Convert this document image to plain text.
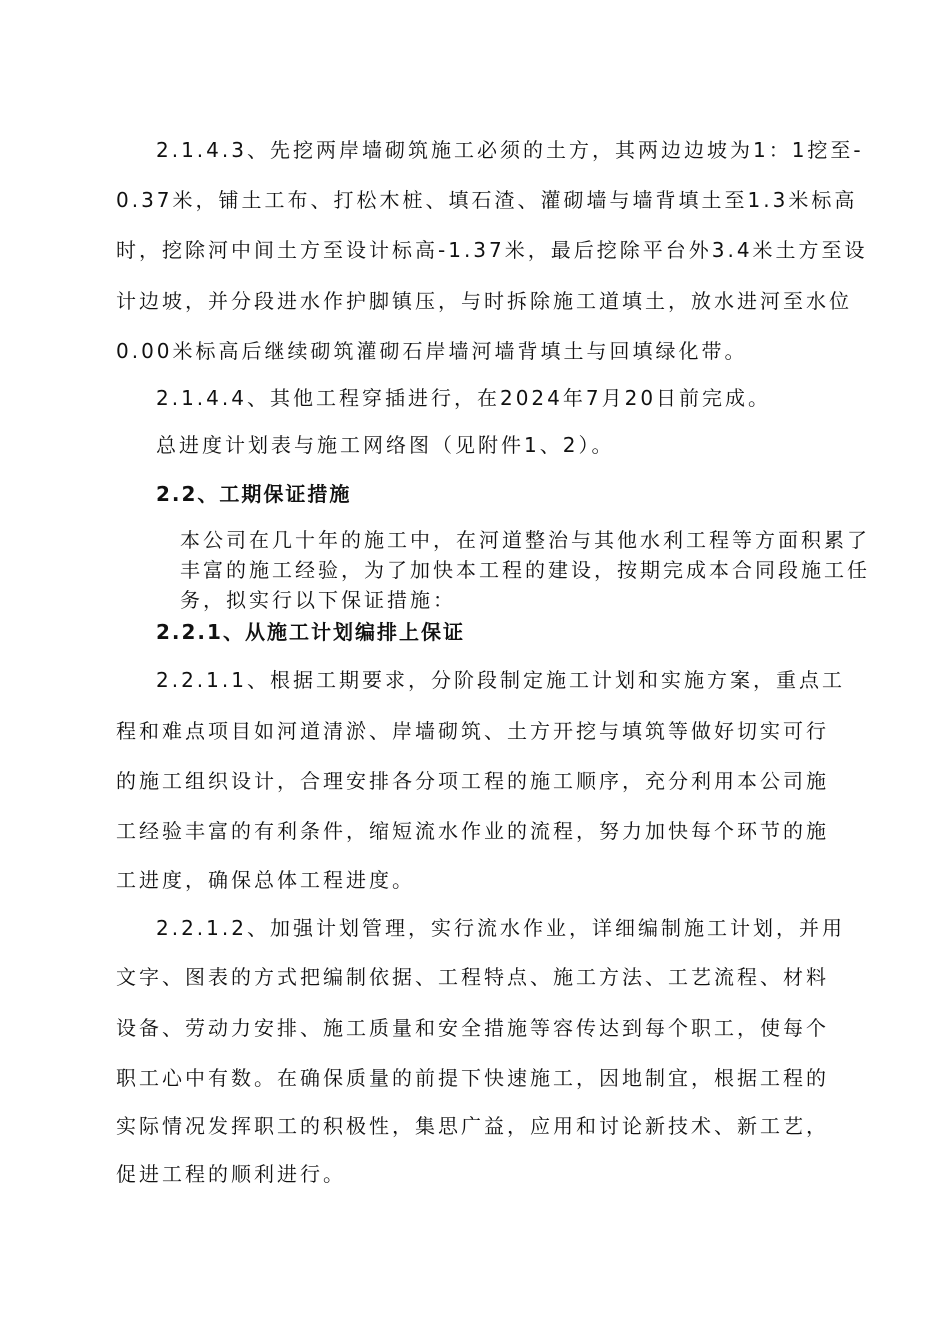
2.1.4.3、先挖两岸墙砌筑施工必须的土方，其两边边坡为1：1挖至-
0.37米，铺土工布、打松木桩、填石渣、灌砌墙与墙背填土至1.3米标高
时，挖除河中间土方至设计标高-1.37米，最后挖除平台外3.4米土方至设
计边坡，并分段进水作护脚镇压，与时拆除施工道填土，放水进河至水位
0.00米标高后继续砌筑灌砌石岸墙河墙背填土与回填绿化带。
2.1.4.4、其他工程穿插进行，在2024年7月20日前完成。
总进度计划表与施工网络图（见附件1、2）。
2.2、工期保证措施
本公司在几十年的施工中，在河道整治与其他水利工程等方面积累了
丰富的施工经验，为了加快本工程的建设，按期完成本合同段施工任
务，拟实行以下保证措施：
2.2.1、从施工计划编排上保证
2.2.1.1、根据工期要求，分阶段制定施工计划和实施方案，重点工
程和难点项目如河道清淤、岸墙砌筑、土方开挖与填筑等做好切实可行
的施工组织设计，合理安排各分项工程的施工顺序，充分利用本公司施
工经验丰富的有利条件，缩短流水作业的流程，努力加快每个环节的施
工进度，确保总体工程进度。
2.2.1.2、加强计划管理，实行流水作业，详细编制施工计划，并用
文字、图表的方式把编制依据、工程特点、施工方法、工艺流程、材料
设备、劳动力安排、施工质量和安全措施等容传达到每个职工，使每个
职工心中有数。在确保质量的前提下快速施工，因地制宜，根据工程的
实际情况发挥职工的积极性，集思广益，应用和讨论新技术、新工艺，
促进工程的顺利进行。
